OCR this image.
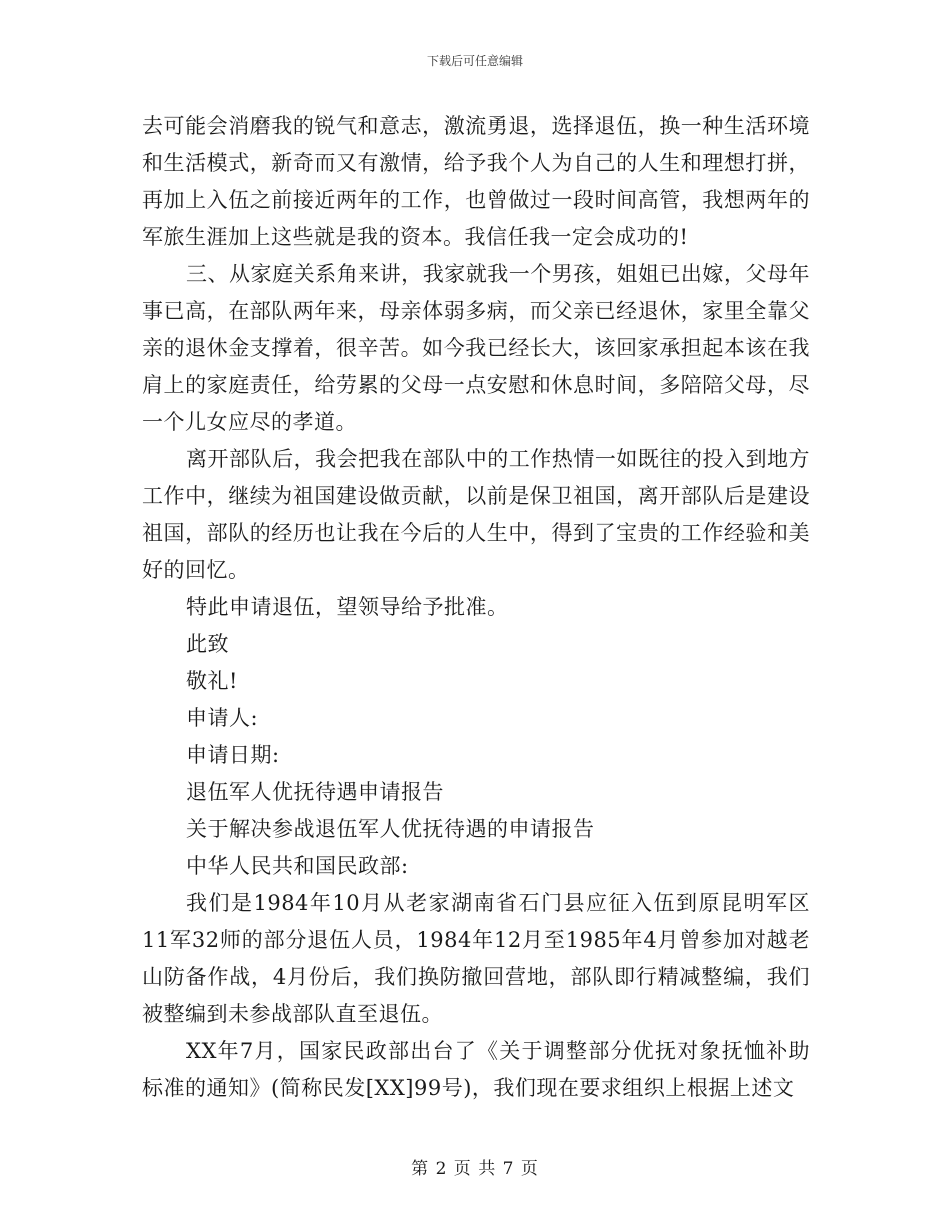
下载后可任意编辑

去可能会消磨我的锐气和意志，激流勇退，选择退伍，换一种生活环境和生活模式，新奇而又有激情，给予我个人为自己的人生和理想打拼，再加上入伍之前接近两年的工作，也曾做过一段时间高管，我想两年的军旅生涯加上这些就是我的资本。我信任我一定会成功的!

三、从家庭关系角来讲，我家就我一个男孩，姐姐已出嫁，父母年事已高，在部队两年来，母亲体弱多病，而父亲已经退休，家里全靠父亲的退休金支撑着，很辛苦。如今我已经长大，该回家承担起本该在我肩上的家庭责任，给劳累的父母一点安慰和休息时间，多陪陪父母，尽一个儿女应尽的孝道。

离开部队后，我会把我在部队中的工作热情一如既往的投入到地方工作中，继续为祖国建设做贡献，以前是保卫祖国，离开部队后是建设祖国，部队的经历也让我在今后的人生中，得到了宝贵的工作经验和美好的回忆。

特此申请退伍，望领导给予批准。

此致

敬礼!

申请人:

申请日期:

退伍军人优抚待遇申请报告

关于解决参战退伍军人优抚待遇的申请报告

中华人民共和国民政部:

我们是1984年10月从老家湖南省石门县应征入伍到原昆明军区11军32师的部分退伍人员，1984年12月至1985年4月曾参加对越老山防备作战，4月份后，我们换防撤回营地，部队即行精减整编，我们被整编到未参战部队直至退伍。

XX年7月，国家民政部出台了《关于调整部分优抚对象抚恤补助标准的通知》(简称民发[XX]99号)，我们现在要求组织上根据上述文

第 2 页 共 7 页
